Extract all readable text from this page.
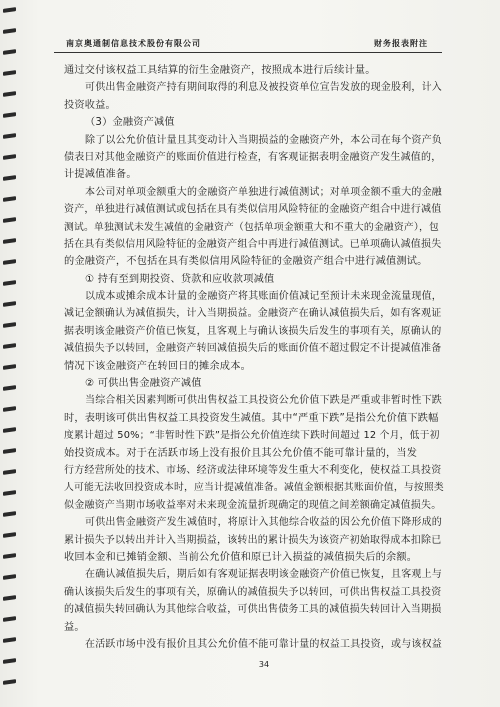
南京奥通制信息技术股份有限公司	财务报表附注
通过交付该权益工具结算的衍生金融资产，按照成本进行后续计量。
可供出售金融资产持有期间取得的利息及被投资单位宣告发放的现金股利，计入
投资收益。
（3）金融资产减值
除了以公允价值计量且其变动计入当期损益的金融资产外，本公司在每个资产负
债表日对其他金融资产的账面价值进行检查，有客观证据表明金融资产发生减值的，
计提减值准备。
本公司对单项金额重大的金融资产单独进行减值测试；对单项金额不重大的金融
资产，单独进行减值测试或包括在具有类似信用风险特征的金融资产组合中进行减值
测试。单独测试未发生减值的金融资产（包括单项金额重大和不重大的金融资产），包
括在具有类似信用风险特征的金融资产组合中再进行减值测试。已单项确认减值损失
的金融资产，不包括在具有类似信用风险特征的金融资产组合中进行减值测试。
① 持有至到期投资、贷款和应收款项减值
以成本或摊余成本计量的金融资产将其账面价值减记至预计未来现金流量现值，
减记金额确认为减值损失，计入当期损益。金融资产在确认减值损失后，如有客观证
据表明该金融资产价值已恢复，且客观上与确认该损失后发生的事项有关，原确认的
减值损失予以转回，金融资产转回减值损失后的账面价值不超过假定不计提减值准备
情况下该金融资产在转回日的摊余成本。
② 可供出售金融资产减值
当综合相关因素判断可供出售权益工具投资公允价值下跌是严重或非暂时性下跌
时，表明该可供出售权益工具投资发生减值。其中“严重下跌”是指公允价值下跌幅
度累计超过 50%；“非暂时性下跌”是指公允价值连续下跌时间超过 12 个月，低于初
始投资成本。对于在活跃市场上没有报价且其公允价值不能可靠计量的，当发
行方经营所处的技术、市场、经济或法律环境等发生重大不利变化，使权益工具投资
人可能无法收回投资成本时，应当计提减值准备。减值金额根据其账面价值，与按照类
似金融资产当期市场收益率对未来现金流量折现确定的现值之间差额确定减值损失。
可供出售金融资产发生减值时，将原计入其他综合收益的因公允价值下降形成的
累计损失予以转出并计入当期损益，该转出的累计损失为该资产初始取得成本扣除已
收回本金和已摊销金额、当前公允价值和原已计入损益的减值损失后的余额。
在确认减值损失后，期后如有客观证据表明该金融资产价值已恢复，且客观上与
确认该损失后发生的事项有关，原确认的减值损失予以转回，可供出售权益工具投资
的减值损失转回确认为其他综合收益，可供出售债务工具的减值损失转回计入当期损
益。
在活跃市场中没有报价且其公允价值不能可靠计量的权益工具投资，或与该权益
34
